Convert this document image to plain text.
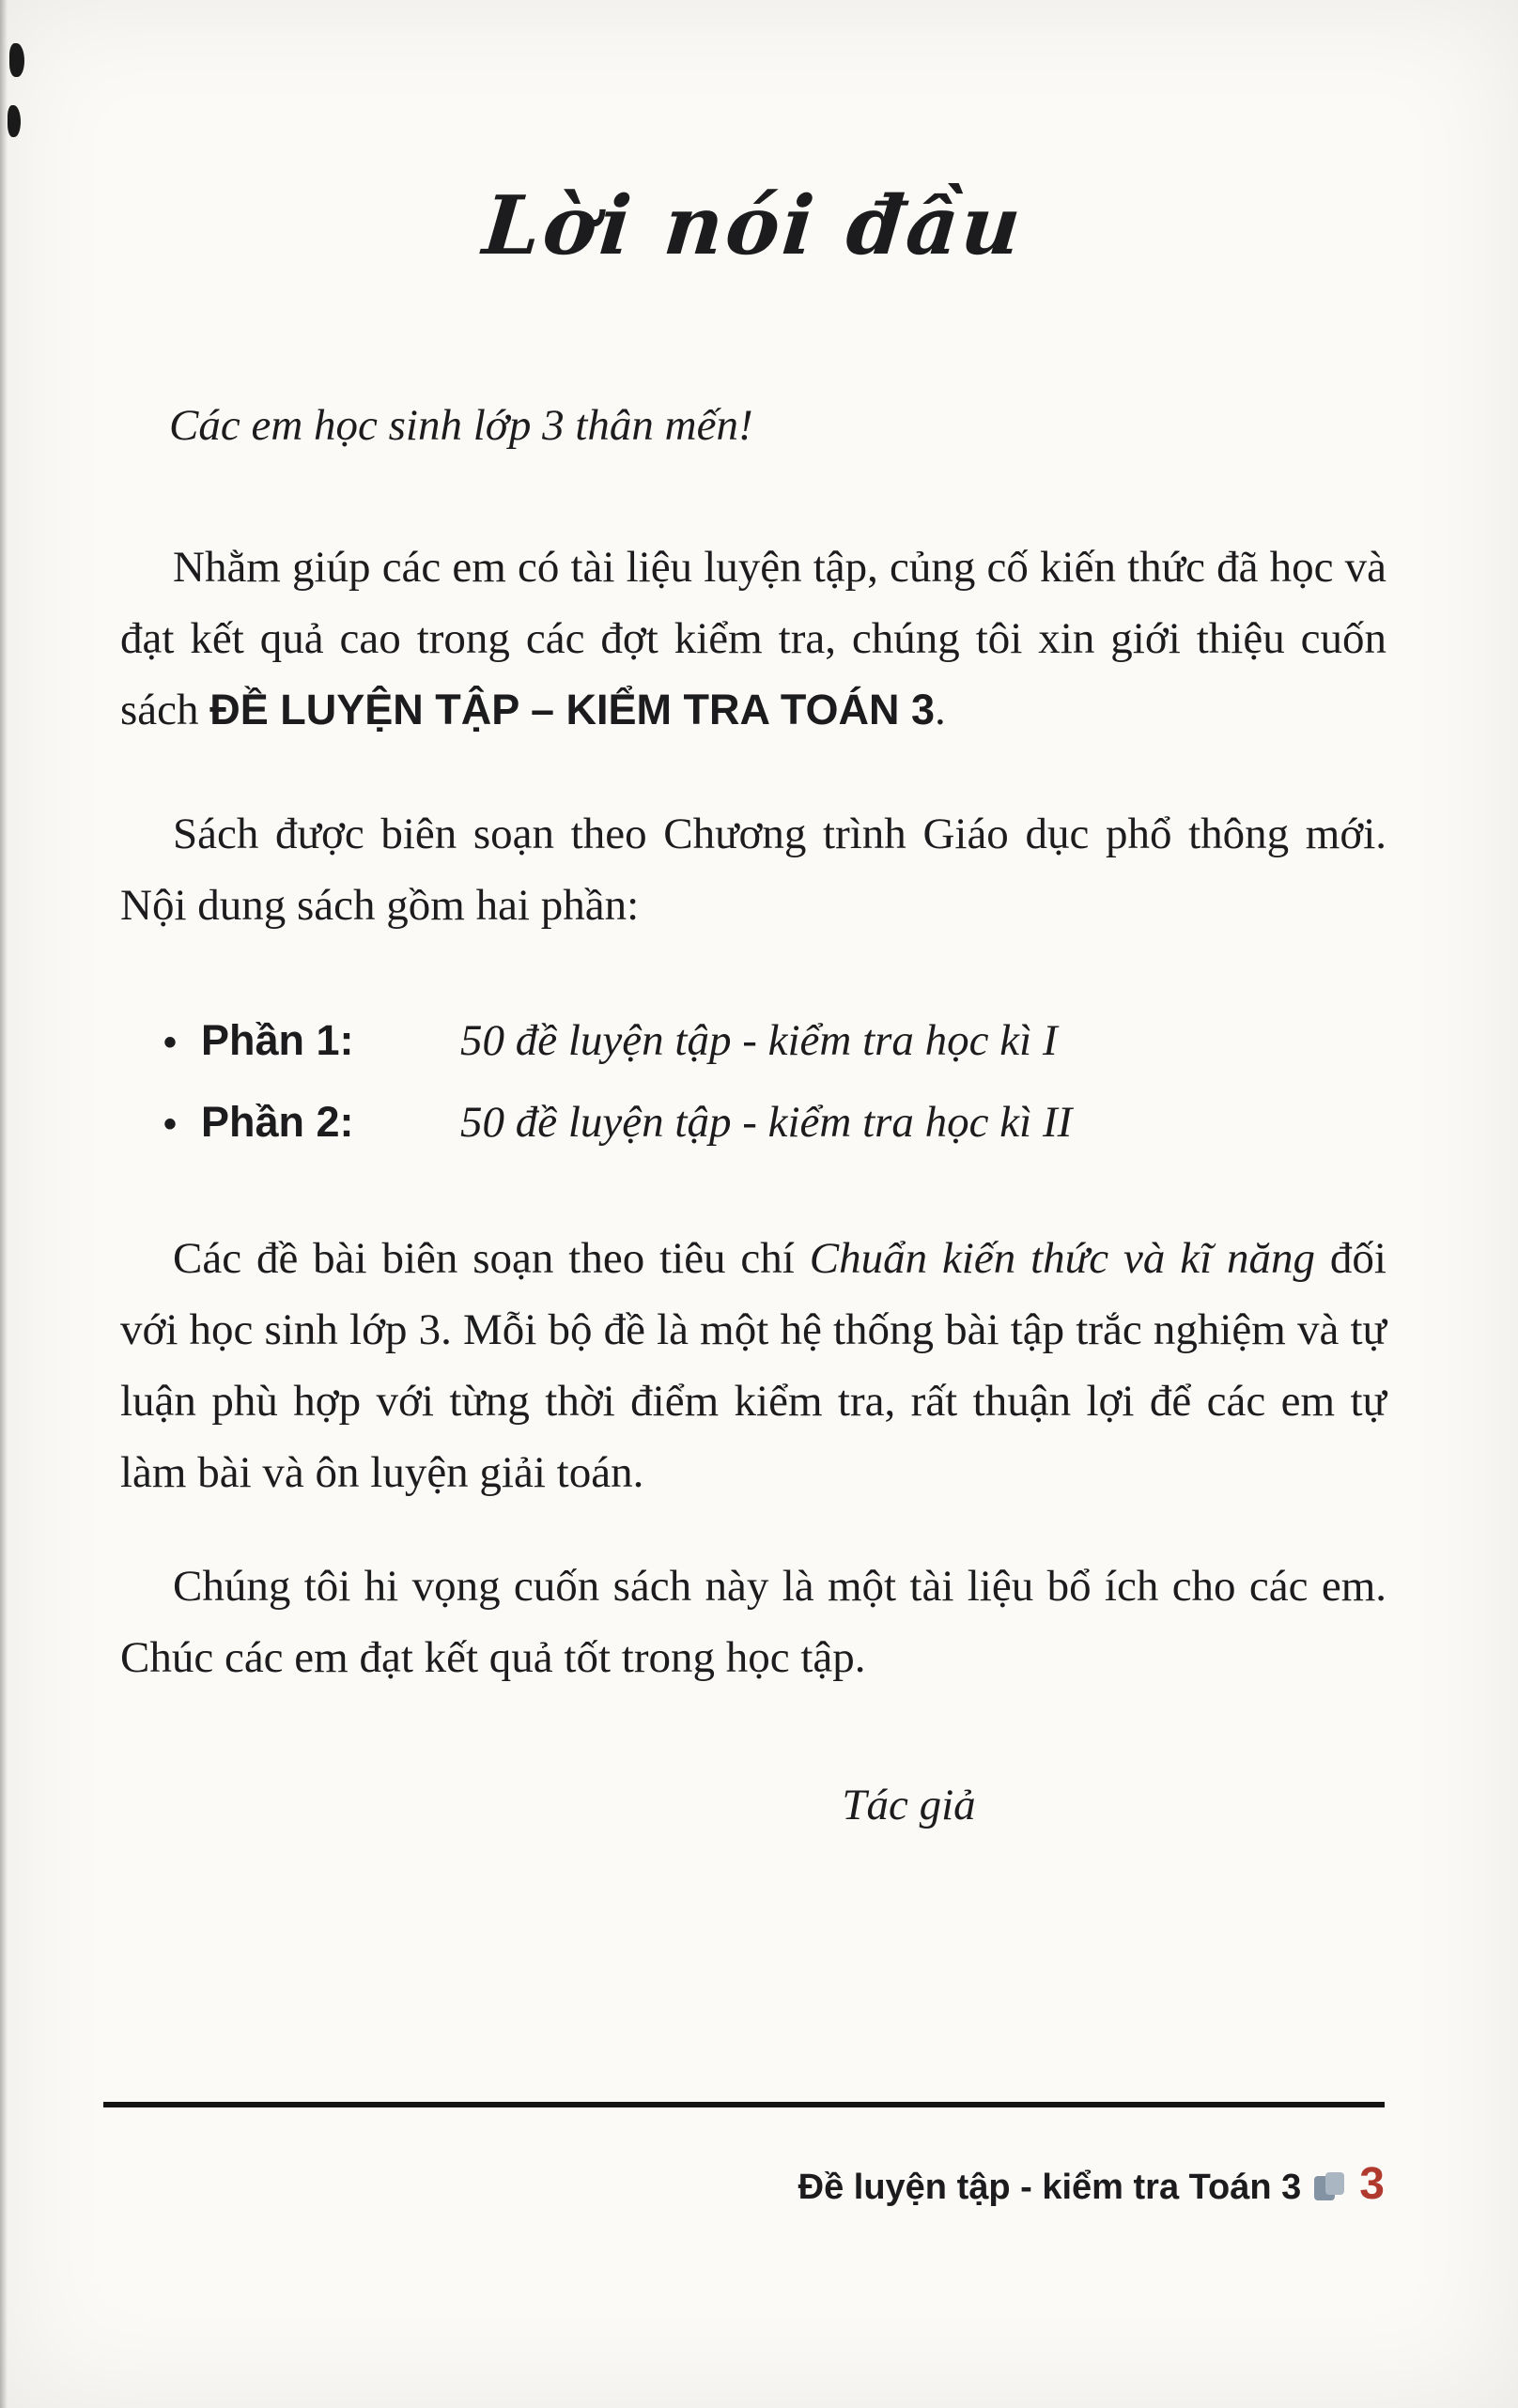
Lời nói đầu

Các em học sinh lớp 3 thân mến!

Nhằm giúp các em có tài liệu luyện tập, củng cố kiến thức đã học và đạt kết quả cao trong các đợt kiểm tra, chúng tôi xin giới thiệu cuốn sách ĐỀ LUYỆN TẬP – KIỂM TRA TOÁN 3.

Sách được biên soạn theo Chương trình Giáo dục phổ thông mới. Nội dung sách gồm hai phần:

• Phần 1: 50 đề luyện tập - kiểm tra học kì I
• Phần 2: 50 đề luyện tập - kiểm tra học kì II

Các đề bài biên soạn theo tiêu chí Chuẩn kiến thức và kĩ năng đối với học sinh lớp 3. Mỗi bộ đề là một hệ thống bài tập trắc nghiệm và tự luận phù hợp với từng thời điểm kiểm tra, rất thuận lợi để các em tự làm bài và ôn luyện giải toán.

Chúng tôi hi vọng cuốn sách này là một tài liệu bổ ích cho các em. Chúc các em đạt kết quả tốt trong học tập.

Tác giả
Đề luyện tập - kiểm tra Toán 3 3
